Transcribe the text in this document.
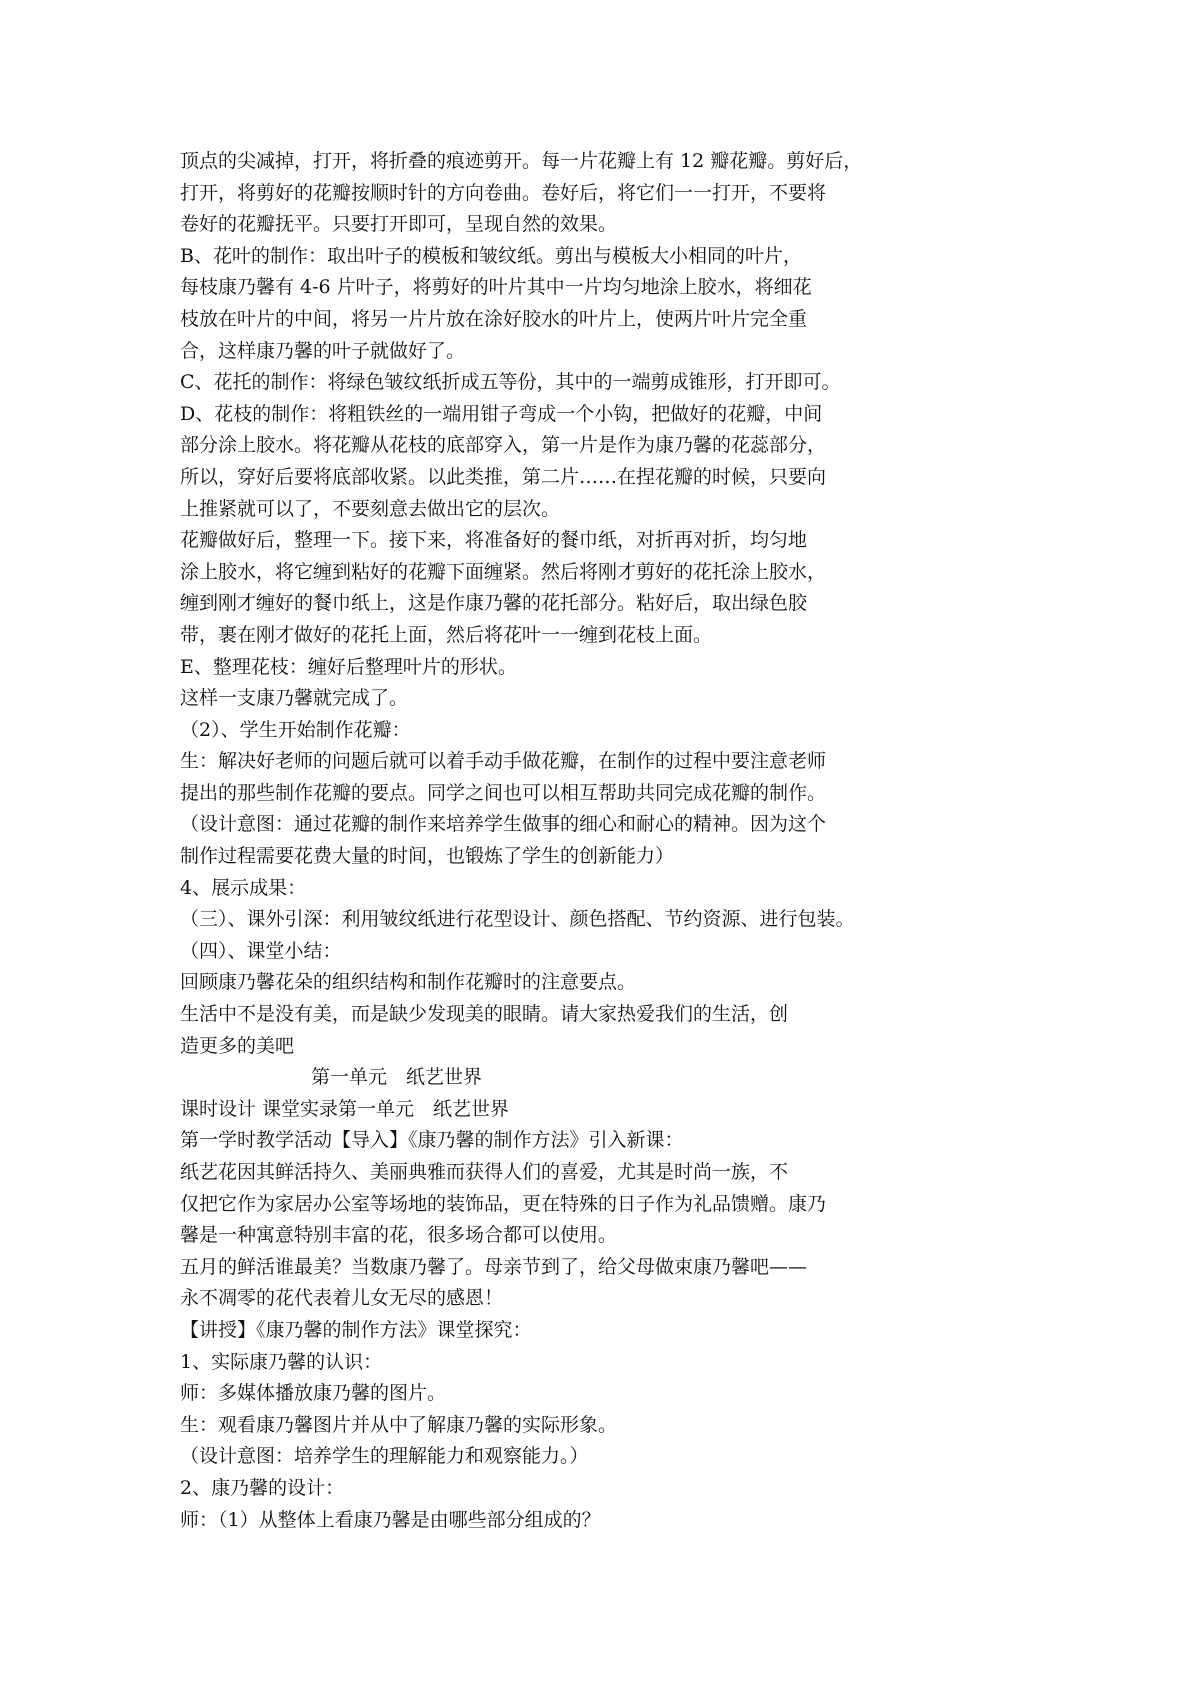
顶点的尖减掉，打开，将折叠的痕迹剪开。每一片花瓣上有 12 瓣花瓣。剪好后，
打开，将剪好的花瓣按顺时针的方向卷曲。卷好后，将它们一一打开，不要将
卷好的花瓣抚平。只要打开即可，呈现自然的效果。
B、花叶的制作：取出叶子的模板和皱纹纸。剪出与模板大小相同的叶片，
每枝康乃馨有 4-6 片叶子，将剪好的叶片其中一片均匀地涂上胶水，将细花
枝放在叶片的中间，将另一片片放在涂好胶水的叶片上，使两片叶片完全重
合，这样康乃馨的叶子就做好了。
C、花托的制作：将绿色皱纹纸折成五等份，其中的一端剪成锥形，打开即可。
D、花枝的制作：将粗铁丝的一端用钳子弯成一个小钩，把做好的花瓣，中间
部分涂上胶水。将花瓣从花枝的底部穿入，第一片是作为康乃馨的花蕊部分，
所以，穿好后要将底部收紧。以此类推，第二片……在捏花瓣的时候，只要向
上推紧就可以了，不要刻意去做出它的层次。
花瓣做好后，整理一下。接下来，将准备好的餐巾纸，对折再对折，均匀地
涂上胶水，将它缠到粘好的花瓣下面缠紧。然后将刚才剪好的花托涂上胶水，
缠到刚才缠好的餐巾纸上，这是作康乃馨的花托部分。粘好后，取出绿色胶
带，裹在刚才做好的花托上面，然后将花叶一一缠到花枝上面。
E、整理花枝：缠好后整理叶片的形状。
这样一支康乃馨就完成了。
（2）、学生开始制作花瓣：
生：解决好老师的问题后就可以着手动手做花瓣，在制作的过程中要注意老师
提出的那些制作花瓣的要点。同学之间也可以相互帮助共同完成花瓣的制作。
（设计意图：通过花瓣的制作来培养学生做事的细心和耐心的精神。因为这个
制作过程需要花费大量的时间，也锻炼了学生的创新能力）
4、展示成果：
（三）、课外引深：利用皱纹纸进行花型设计、颜色搭配、节约资源、进行包装。
（四）、课堂小结：
回顾康乃馨花朵的组织结构和制作花瓣时的注意要点。
生活中不是没有美，而是缺少发现美的眼睛。请大家热爱我们的生活，创
造更多的美吧
第一单元　纸艺世界
课时设计 课堂实录第一单元　纸艺世界
第一学时教学活动【导入】《康乃馨的制作方法》引入新课：
纸艺花因其鲜活持久、美丽典雅而获得人们的喜爱，尤其是时尚一族，不
仅把它作为家居办公室等场地的装饰品，更在特殊的日子作为礼品馈赠。康乃
馨是一种寓意特别丰富的花，很多场合都可以使用。
五月的鲜活谁最美？当数康乃馨了。母亲节到了，给父母做束康乃馨吧——
永不凋零的花代表着儿女无尽的感恩！
【讲授】《康乃馨的制作方法》课堂探究：
1、实际康乃馨的认识：
师：多媒体播放康乃馨的图片。
生：观看康乃馨图片并从中了解康乃馨的实际形象。
（设计意图：培养学生的理解能力和观察能力。）
2、康乃馨的设计：
师：（1）从整体上看康乃馨是由哪些部分组成的？
